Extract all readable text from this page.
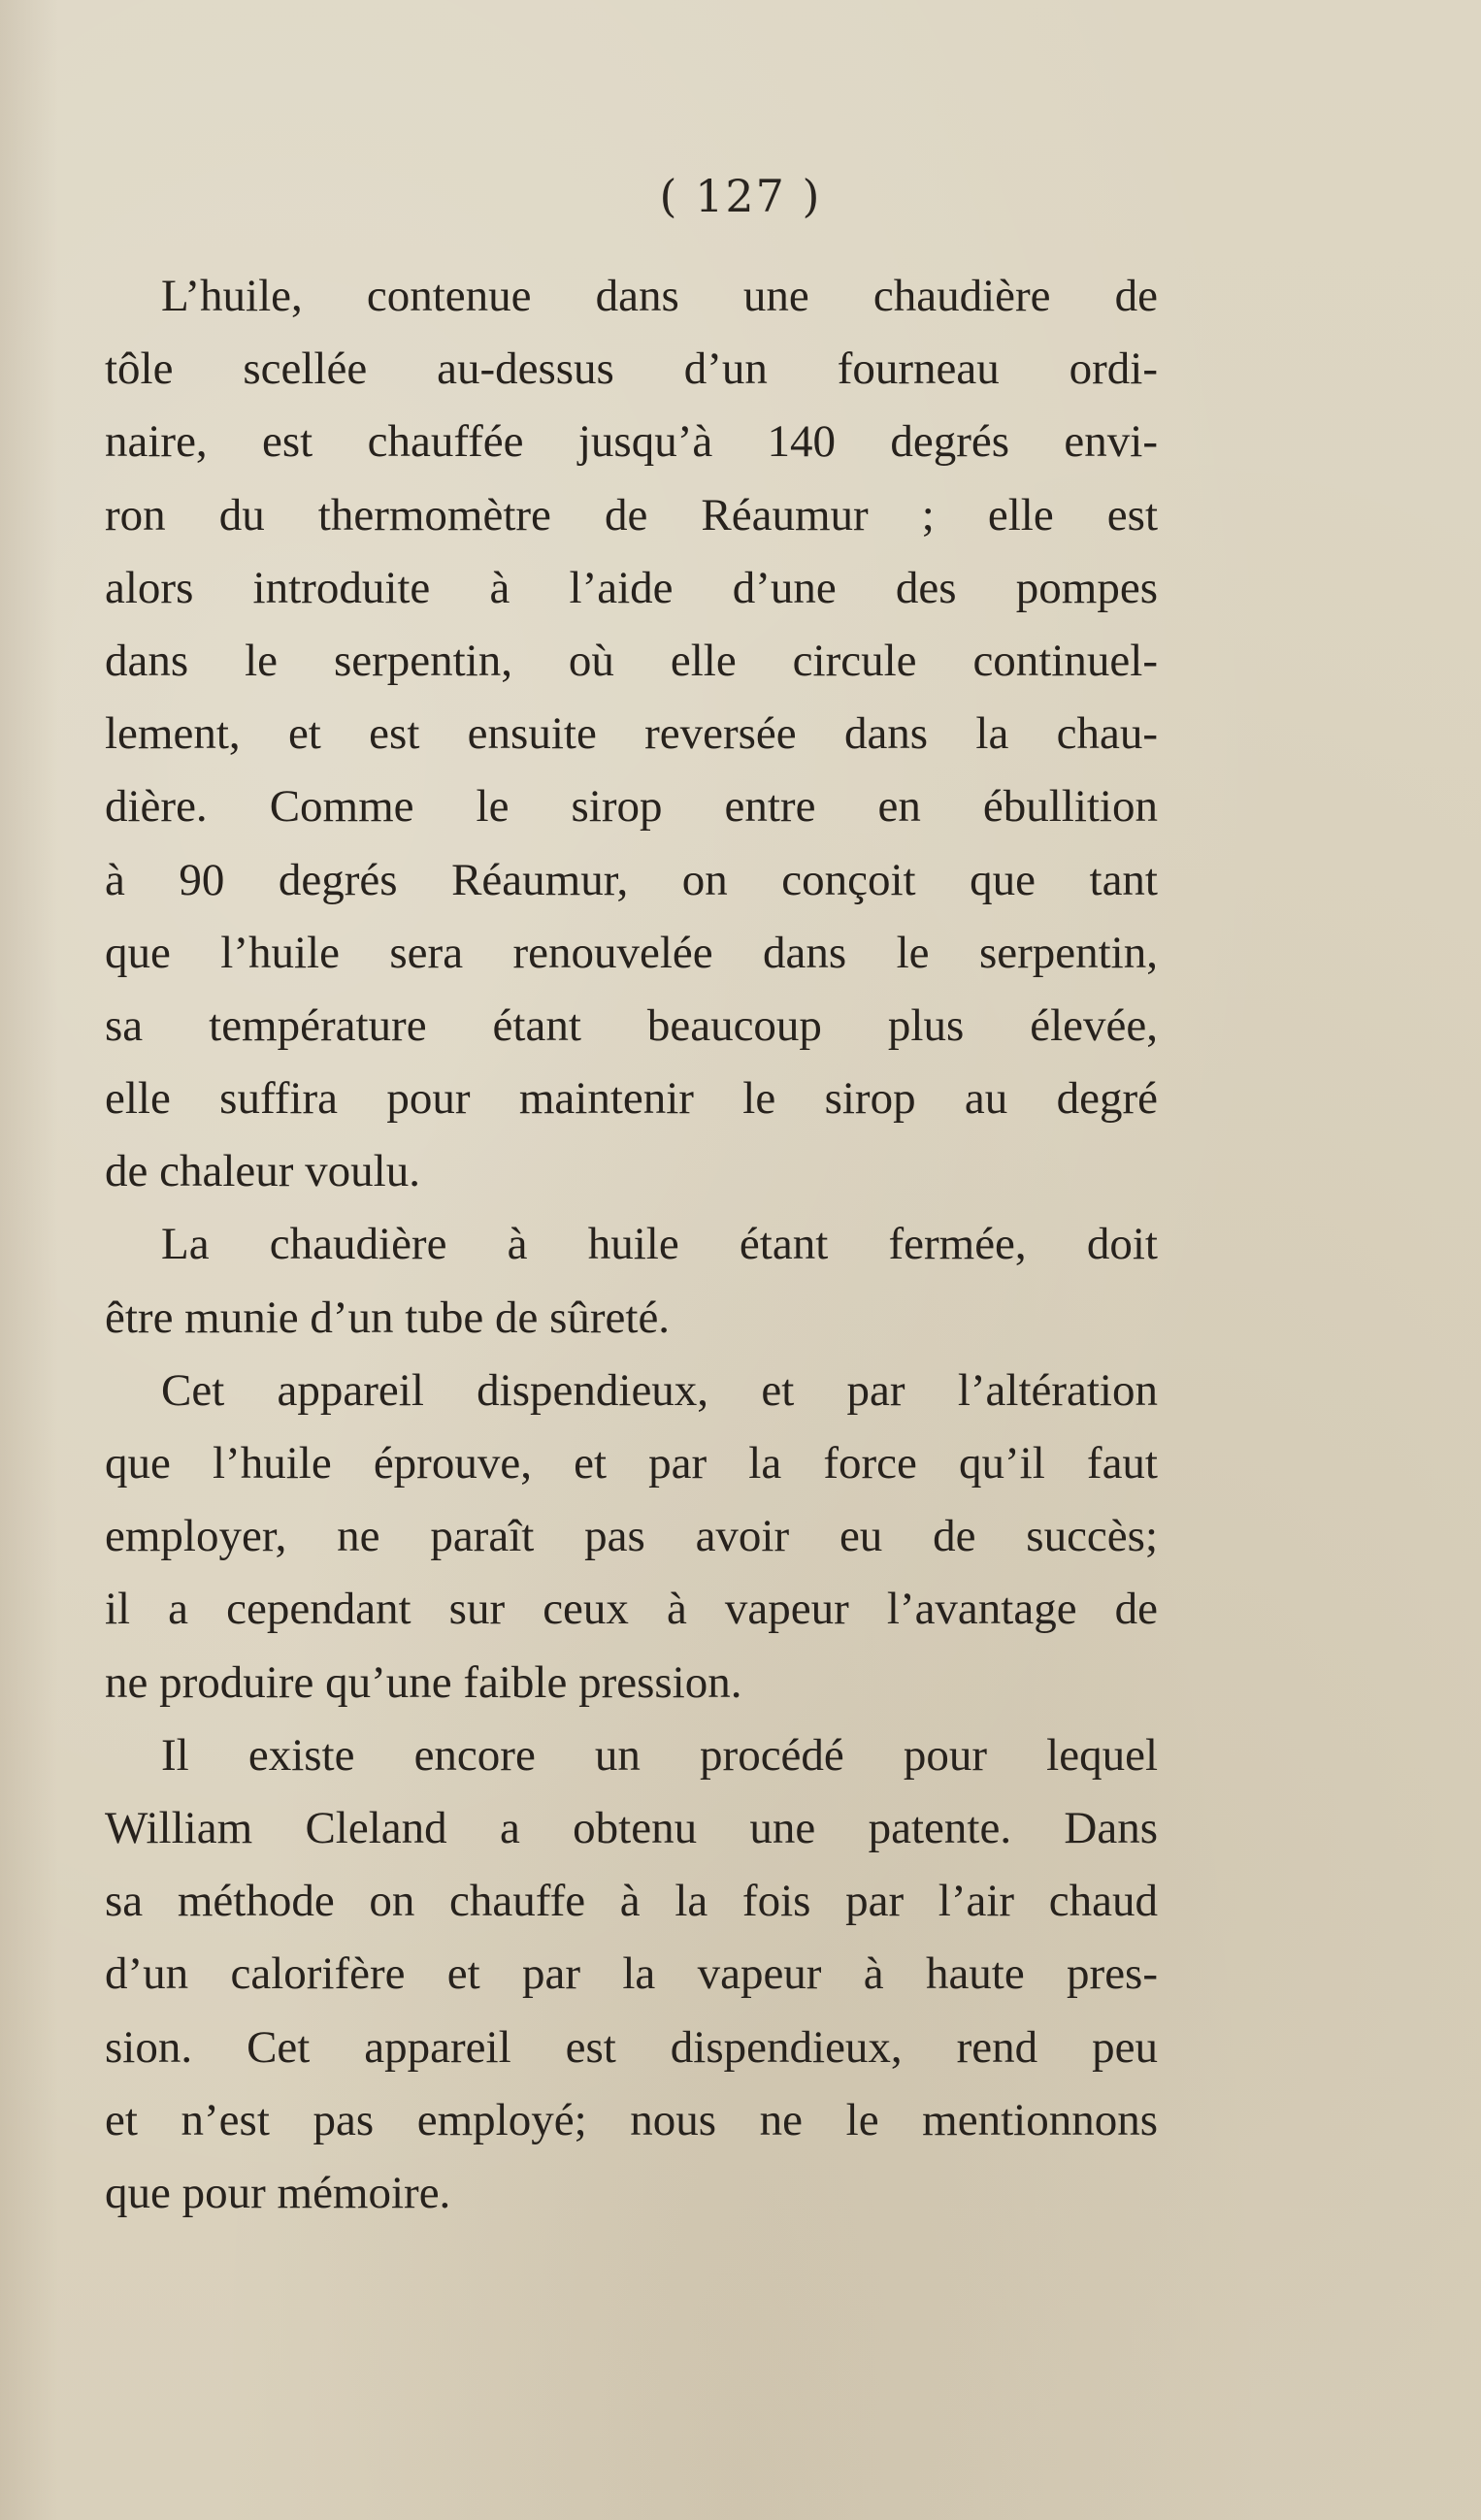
( 127 )
L’huile, contenue dans une chaudière de
tôle scellée au-dessus d’un fourneau ordi-
naire, est chauffée jusqu’à 140 degrés envi-
ron du thermomètre de Réaumur ; elle est
alors introduite à l’aide d’une des pompes
dans le serpentin, où elle circule continuel-
lement, et est ensuite reversée dans la chau-
dière. Comme le sirop entre en ébullition
à 90 degrés Réaumur, on conçoit que tant
que l’huile sera renouvelée dans le serpentin,
sa température étant beaucoup plus élevée,
elle suffira pour maintenir le sirop au degré
de chaleur voulu.
La chaudière à huile étant fermée, doit
être munie d’un tube de sûreté.
Cet appareil dispendieux, et par l’altération
que l’huile éprouve, et par la force qu’il faut
employer, ne paraît pas avoir eu de succès;
il a cependant sur ceux à vapeur l’avantage de
ne produire qu’une faible pression.
Il existe encore un procédé pour lequel
William Cleland a obtenu une patente. Dans
sa méthode on chauffe à la fois par l’air chaud
d’un calorifère et par la vapeur à haute pres-
sion. Cet appareil est dispendieux, rend peu
et n’est pas employé; nous ne le mentionnons
que pour mémoire.
